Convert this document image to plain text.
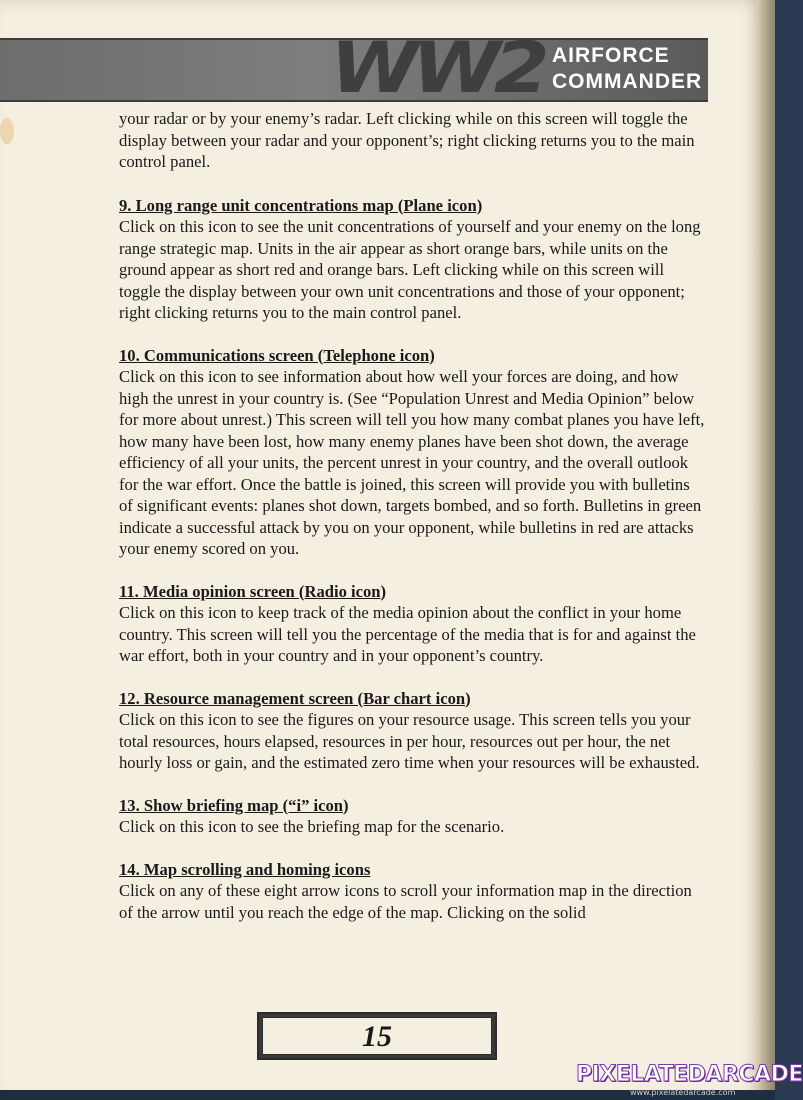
WW2 AIRFORCE
COMMANDER

your radar or by your enemy’s radar. Left clicking while on this screen will toggle the display between your radar and your opponent’s; right clicking returns you to the main control panel.

9. Long range unit concentrations map (Plane icon)

Click on this icon to see the unit concentrations of yourself and your enemy on the long range strategic map. Units in the air appear as short orange bars, while units on the ground appear as short red and orange bars. Left clicking while on this screen will toggle the display between your own unit concentrations and those of your opponent; right clicking returns you to the main control panel.

10. Communications screen (Telephone icon)

Click on this icon to see information about how well your forces are doing, and how high the unrest in your country is. (See “Population Unrest and Media Opinion” below for more about unrest.) This screen will tell you how many combat planes you have left, how many have been lost, how many enemy planes have been shot down, the average efficiency of all your units, the percent unrest in your country, and the overall outlook for the war effort. Once the battle is joined, this screen will provide you with bulletins of significant events: planes shot down, targets bombed, and so forth. Bulletins in green indicate a successful attack by you on your opponent, while bulletins in red are attacks your enemy scored on you.

11. Media opinion screen (Radio icon)

Click on this icon to keep track of the media opinion about the conflict in your home country. This screen will tell you the percentage of the media that is for and against the war effort, both in your country and in your opponent’s country.

12. Resource management screen (Bar chart icon)

Click on this icon to see the figures on your resource usage. This screen tells you your total resources, hours elapsed, resources in per hour, resources out per hour, the net hourly loss or gain, and the estimated zero time when your resources will be exhausted.

13. Show briefing map (“i” icon)

Click on this icon to see the briefing map for the scenario.

14. Map scrolling and homing icons

Click on any of these eight arrow icons to scroll your information map in the direction of the arrow until you reach the edge of the map. Clicking on the solid

15
PIXELATEDARCADE
www.pixelatedarcade.com
